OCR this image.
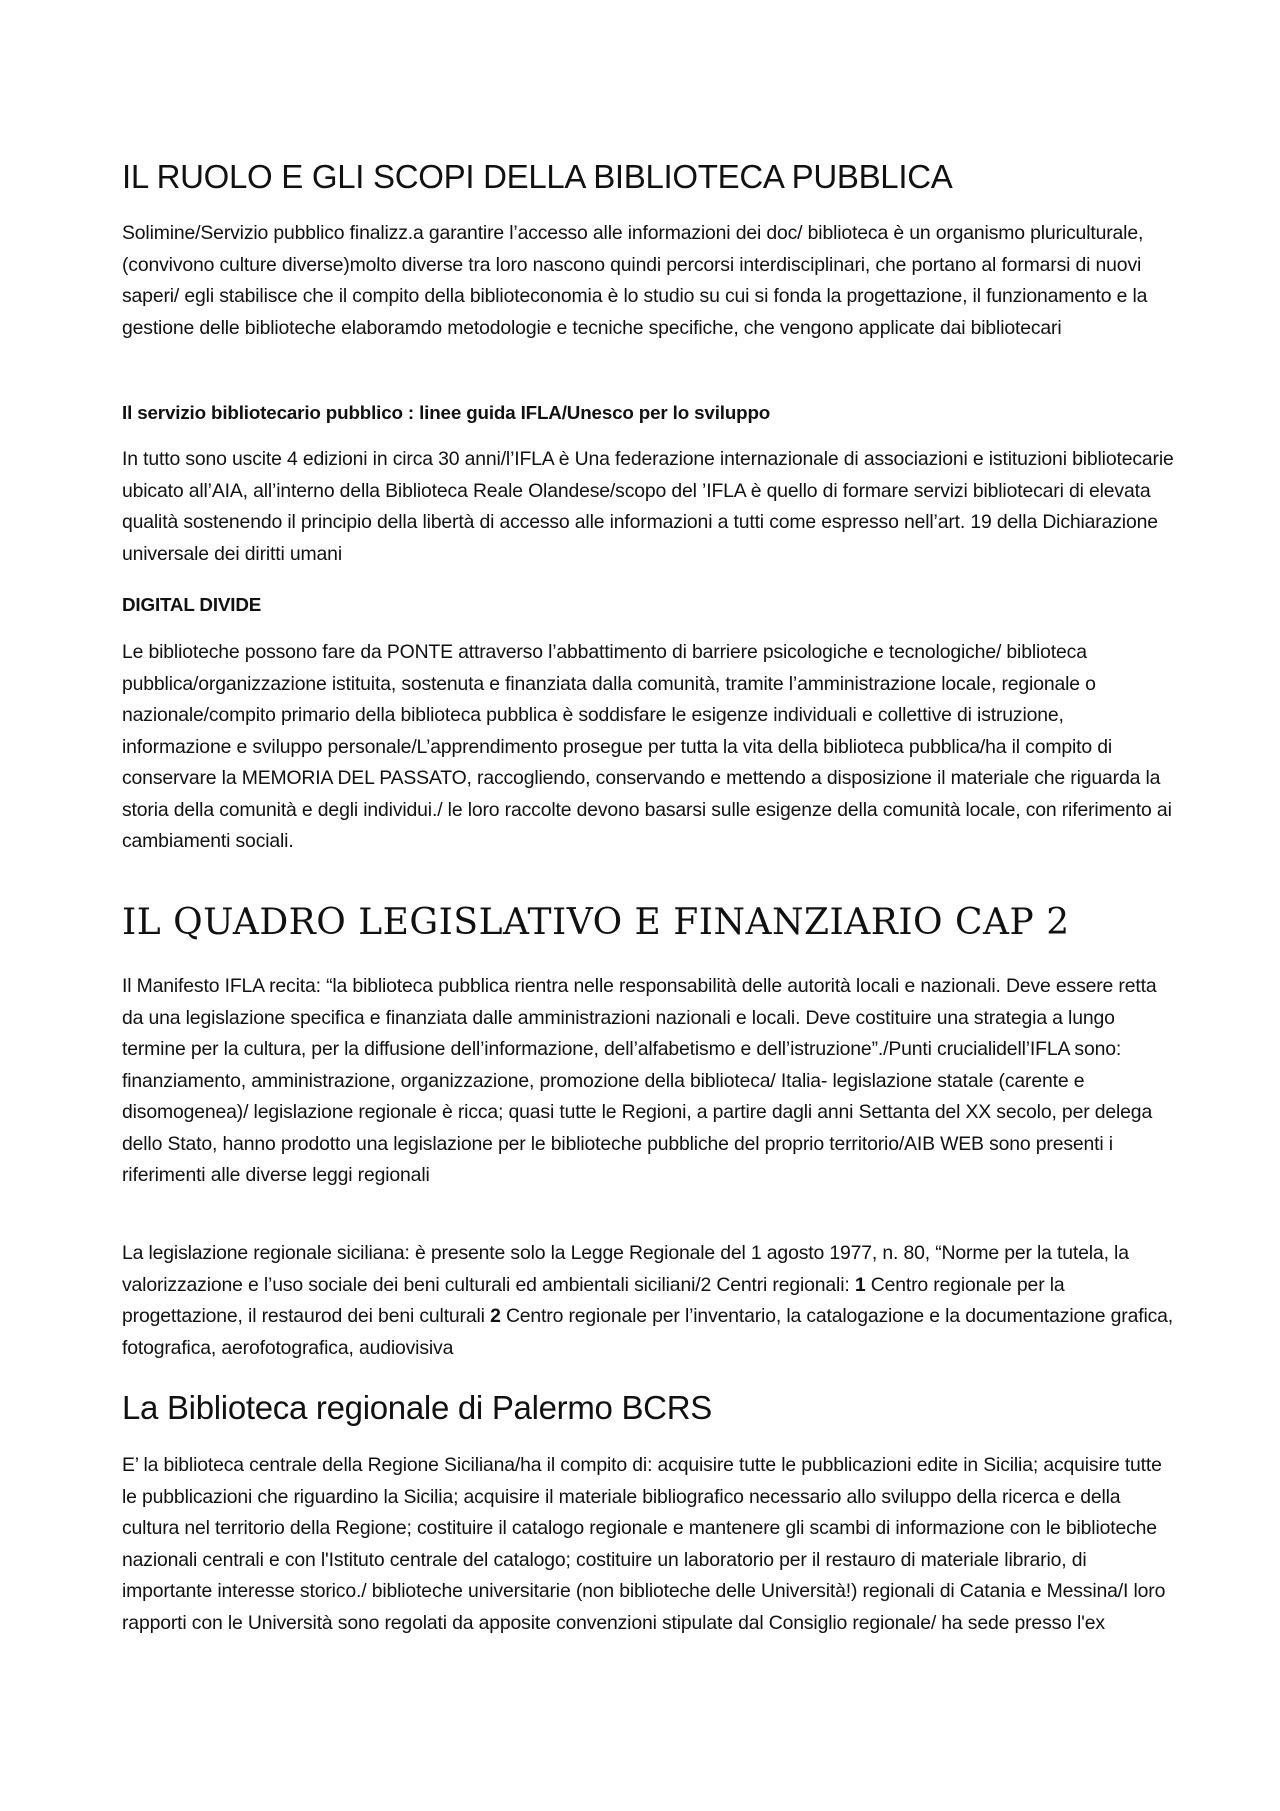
IL RUOLO E GLI SCOPI DELLA BIBLIOTECA PUBBLICA

Solimine/Servizio pubblico finalizz.a garantire l’accesso alle informazioni dei doc/ biblioteca è un organismo pluriculturale, (convivono culture diverse)molto diverse tra loro nascono quindi percorsi interdisciplinari, che portano al formarsi di nuovi saperi/ egli stabilisce che il compito della biblioteconomia è lo studio su cui si fonda la progettazione, il funzionamento e la gestione delle biblioteche elaboramdo metodologie e tecniche specifiche, che vengono applicate dai bibliotecari

Il servizio bibliotecario pubblico : linee guida IFLA/Unesco per lo sviluppo

In tutto sono uscite 4 edizioni in circa 30 anni/l’IFLA è Una federazione internazionale di associazioni e istituzioni bibliotecarie ubicato all’AIA, all’interno della Biblioteca Reale Olandese/scopo del ’IFLA è quello di formare servizi bibliotecari di elevata qualità sostenendo il principio della libertà di accesso alle informazioni a tutti come espresso nell’art. 19 della Dichiarazione universale dei diritti umani

DIGITAL DIVIDE

Le biblioteche possono fare da PONTE attraverso l’abbattimento di barriere psicologiche e tecnologiche/ biblioteca pubblica/organizzazione istituita, sostenuta e finanziata dalla comunità, tramite l’amministrazione locale, regionale o nazionale/compito primario della biblioteca pubblica è soddisfare le esigenze individuali e collettive di istruzione, informazione e sviluppo personale/L’apprendimento prosegue per tutta la vita della biblioteca pubblica/ha il compito di conservare la MEMORIA DEL PASSATO, raccogliendo, conservando e mettendo a disposizione il materiale che riguarda la storia della comunità e degli individui./ le loro raccolte devono basarsi sulle esigenze della comunità locale, con riferimento ai cambiamenti sociali.

IL QUADRO LEGISLATIVO E FINANZIARIO CAP 2

Il Manifesto IFLA recita: “la biblioteca pubblica rientra nelle responsabilità delle autorità locali e nazionali. Deve essere retta da una legislazione specifica e finanziata dalle amministrazioni nazionali e locali. Deve costituire una strategia a lungo termine per la cultura, per la diffusione dell’informazione, dell’alfabetismo e dell’istruzione”./Punti crucialidell’IFLA sono: finanziamento, amministrazione, organizzazione, promozione della biblioteca/ Italia- legislazione statale (carente e disomogenea)/ legislazione regionale è ricca; quasi tutte le Regioni, a partire dagli anni Settanta del XX secolo, per delega dello Stato, hanno prodotto una legislazione per le biblioteche pubbliche del proprio territorio/AIB WEB sono presenti i riferimenti alle diverse leggi regionali

La legislazione regionale siciliana: è presente solo la Legge Regionale del 1 agosto 1977, n. 80, “Norme per la tutela, la valorizzazione e l’uso sociale dei beni culturali ed ambientali siciliani/2 Centri regionali: 1 Centro regionale per la progettazione, il restaurod dei beni culturali 2 Centro regionale per l’inventario, la catalogazione e la documentazione grafica, fotografica, aerofotografica, audiovisiva

La Biblioteca regionale di Palermo BCRS

E’ la biblioteca centrale della Regione Siciliana/ha il compito di: acquisire tutte le pubblicazioni edite in Sicilia; acquisire tutte le pubblicazioni che riguardino la Sicilia; acquisire il materiale bibliografico necessario allo sviluppo della ricerca e della cultura nel territorio della Regione; costituire il catalogo regionale e mantenere gli scambi di informazione con le biblioteche nazionali centrali e con l'Istituto centrale del catalogo; costituire un laboratorio per il restauro di materiale librario, di importante interesse storico./ biblioteche universitarie (non biblioteche delle Università!) regionali di Catania e Messina/I loro rapporti con le Università sono regolati da apposite convenzioni stipulate dal Consiglio regionale/ ha sede presso l'ex
